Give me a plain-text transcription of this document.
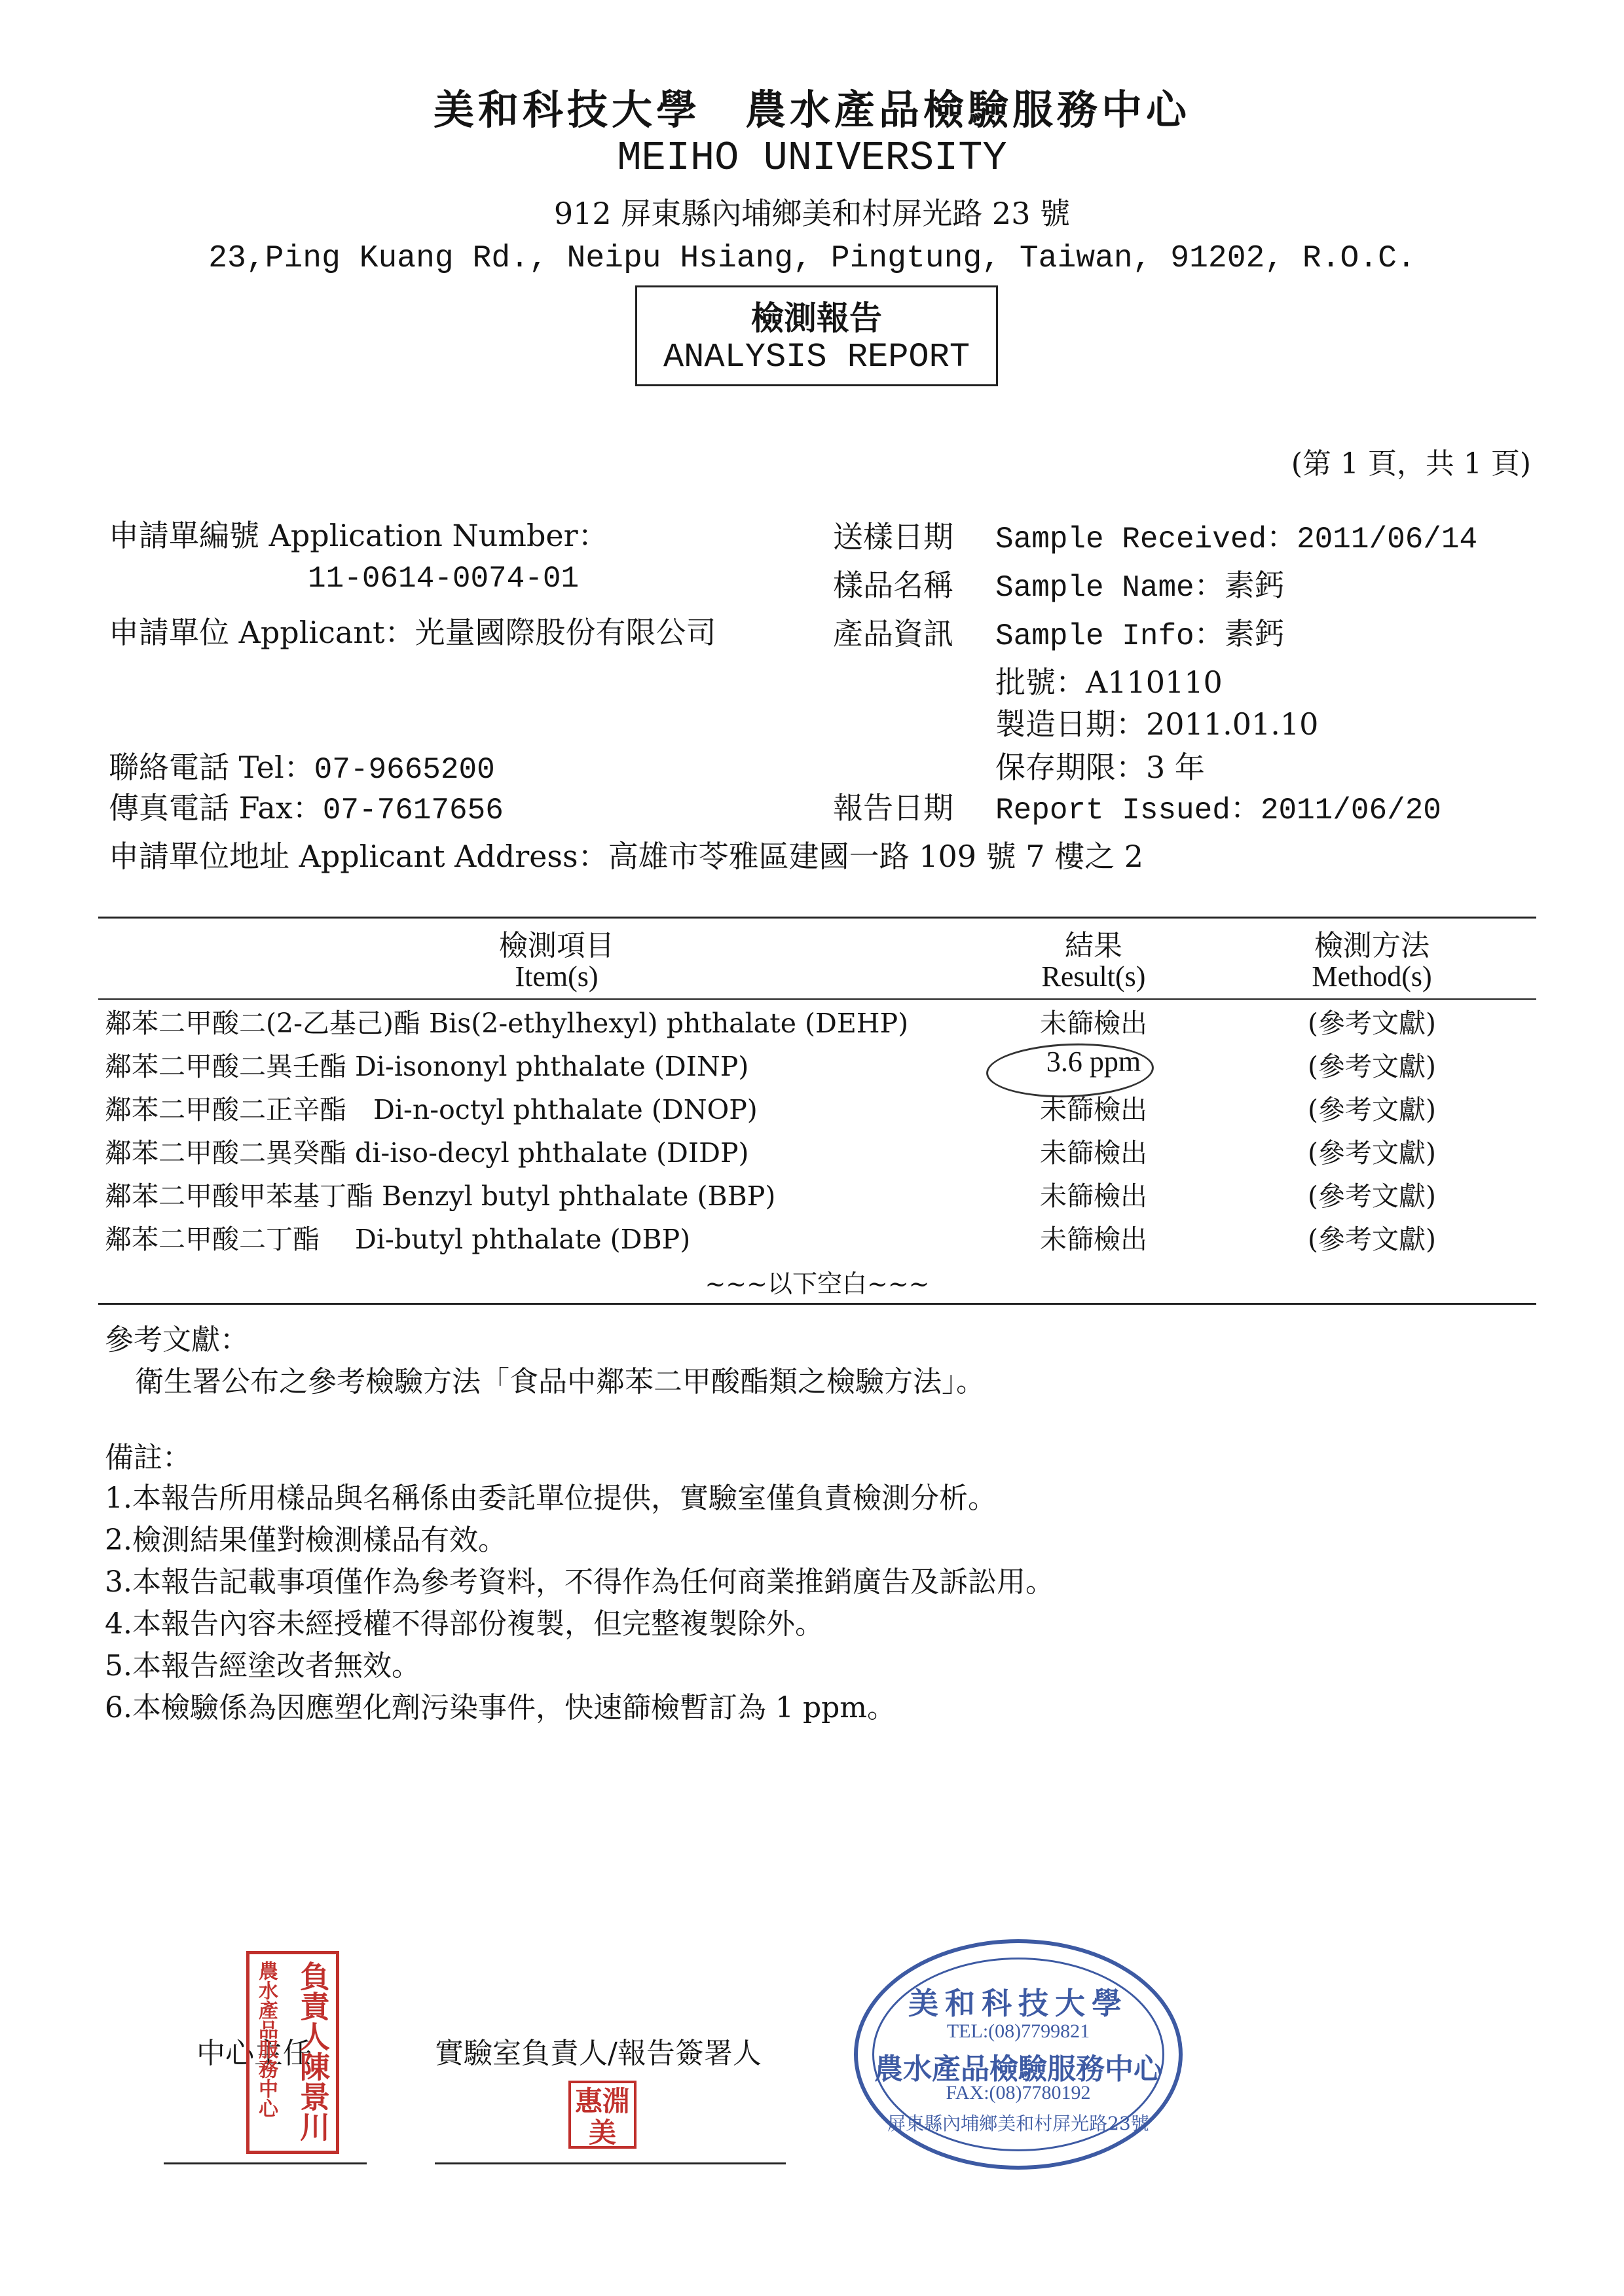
美和科技大學　農水產品檢驗服務中心
MEIHO UNIVERSITY
912 屏東縣內埔鄉美和村屏光路 23 號
23,Ping Kuang Rd., Neipu Hsiang, Pingtung, Taiwan, 91202, R.O.C.
檢測報告
ANALYSIS REPORT
(第 1 頁，共 1 頁)
申請單編號 Application Number：
11-0614-0074-01
申請單位 Applicant：光量國際股份有限公司
聯絡電話 Tel：07-9665200
傳真電話 Fax：07-7617656
申請單位地址 Applicant Address：高雄市苓雅區建國一路 109 號 7 樓之 2
送樣日期 Sample Received：2011/06/14
樣品名稱 Sample Name：素鈣
產品資訊 Sample Info：素鈣
批號：A110110
製造日期：2011.01.10
保存期限：3 年
報告日期 Report Issued：2011/06/20
檢測項目
Item(s)
結果
Result(s)
檢測方法
Method(s)
鄰苯二甲酸二(2-乙基己)酯 Bis(2-ethylhexyl) phthalate (DEHP)	未篩檢出	(參考文獻)
鄰苯二甲酸二異壬酯 Di-isononyl phthalate (DINP)	3.6 ppm	(參考文獻)
鄰苯二甲酸二正辛酯　Di-n-octyl phthalate (DNOP)	未篩檢出	(參考文獻)
鄰苯二甲酸二異癸酯 di-iso-decyl phthalate (DIDP)	未篩檢出	(參考文獻)
鄰苯二甲酸甲苯基丁酯 Benzyl butyl phthalate (BBP)	未篩檢出	(參考文獻)
鄰苯二甲酸二丁酯　 Di-butyl phthalate (DBP)	未篩檢出	(參考文獻)
~~~以下空白~~~
參考文獻：
衛生署公布之參考檢驗方法「食品中鄰苯二甲酸酯類之檢驗方法」。
備註：
1.本報告所用樣品與名稱係由委託單位提供，實驗室僅負責檢測分析。
2.檢測結果僅對檢測樣品有效。
3.本報告記載事項僅作為參考資料，不得作為任何商業推銷廣告及訴訟用。
4.本報告內容未經授權不得部份複製，但完整複製除外。
5.本報告經塗改者無效。
6.本檢驗係為因應塑化劑污染事件，快速篩檢暫訂為 1 ppm。
中心主任	實驗室負責人/報告簽署人
負責人陳景川
農水產品服務中心	惠淵美
美和科技大學
TEL:(08)7799821
農水產品檢驗服務中心
FAX:(08)7780192
屏東縣內埔鄉美和村屏光路23號
